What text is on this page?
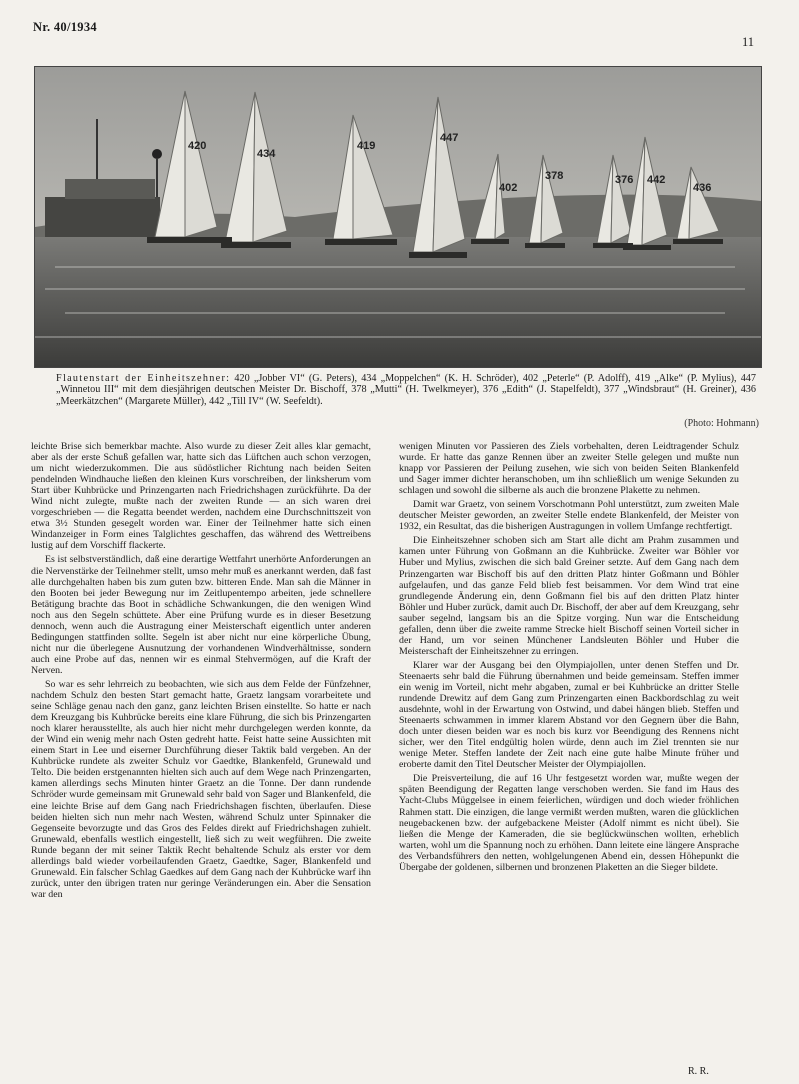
Nr. 40/1934
11
420
434
419
447
402
378	376 442
436
Flautenstart der Einheitszehner: 420 „Jobber VI“ (G. Peters), 434 „Moppelchen“ (K. H. Schröder), 402 „Peterle“ (P. Adolff), 419 „Alke“ (P. Mylius), 447 „Winnetou III“ mit dem diesjährigen deutschen Meister Dr. Bischoff, 378 „Mutti“ (H. Twelkmeyer), 376 „Edith“ (J. Stapelfeldt), 377 „Windsbraut“ (H. Greiner), 436 „Meerkätzchen“ (Margarete Müller), 442 „Till IV“ (W. Seefeldt).
(Photo: Hohmann)

leichte Brise sich bemerkbar machte. Also wurde zu dieser Zeit alles klar gemacht, aber als der erste Schuß gefallen war, hatte sich das Lüftchen auch schon verzogen, um nicht wiederzukommen. Die aus südöstlicher Richtung nach beiden Seiten pendelnden Windhauche ließen den kleinen Kurs vorschreiben, der linksherum vom Start über Kuhbrücke und Prinzengarten nach Friedrichshagen zurückführte. Da der Wind nicht zulegte, mußte nach der zweiten Runde — an sich waren drei vorgeschrieben — die Regatta beendet werden, nachdem eine Durchschnittszeit von etwa 3½ Stunden gesegelt worden war. Einer der Teilnehmer hatte sich einen Windanzeiger in Form eines Talglichtes geschaffen, das während des Wettreibens lustig auf dem Vorschiff flackerte.

Es ist selbstverständlich, daß eine derartige Wettfahrt unerhörte Anforderungen an die Nervenstärke der Teilnehmer stellt, umso mehr muß es anerkannt werden, daß fast alle durchgehalten haben bis zum guten bzw. bitteren Ende. Man sah die Männer in den Booten bei jeder Bewegung nur im Zeitlupentempo arbeiten, jede schnellere Betätigung brachte das Boot in schädliche Schwankungen, die den wenigen Wind noch aus den Segeln schüttete. Aber eine Prüfung wurde es in dieser Besetzung dennoch, wenn auch die Austragung einer Meisterschaft eigentlich unter anderen Bedingungen stattfinden sollte. Segeln ist aber nicht nur eine körperliche Übung, nicht nur die überlegene Ausnutzung der vorhandenen Windverhältnisse, sondern auch eine Probe auf das, nennen wir es einmal Stehvermögen, auf die Kraft der Nerven.

So war es sehr lehrreich zu beobachten, wie sich aus dem Felde der Fünfzehner, nachdem Schulz den besten Start gemacht hatte, Graetz langsam vorarbeitete und seine Schläge genau nach den ganz, ganz leichten Brisen einstellte. So hatte er nach dem Kreuzgang bis Kuhbrücke bereits eine klare Führung, die sich bis Prinzengarten noch klarer herausstellte, als auch hier nicht mehr durchgelegen werden konnte, da der Wind ein wenig mehr nach Osten gedreht hatte. Feist hatte seine Aussichten mit einem Start in Lee und eiserner Durchführung dieser Taktik bald vergeben. An der Kuhbrücke rundete als zweiter Schulz vor Gaedtke, Blankenfeld, Grunewald und Telto. Die beiden erstgenannten hielten sich auch auf dem Wege nach Prinzengarten, kamen allerdings sechs Minuten hinter Graetz an die Tonne. Der dann rundende Schröder wurde gemeinsam mit Grunewald sehr bald von Sager und Blankenfeld, die eine leichte Brise auf dem Gang nach Friedrichshagen fischten, überlaufen. Diese beiden hielten sich nun mehr nach Westen, während Schulz unter Spinnaker die Gegenseite bevorzugte und das Gros des Feldes direkt auf Friedrichshagen zuhielt. Grunewald, ebenfalls westlich eingestellt, ließ sich zu weit wegführen. Die zweite Runde begann der mit seiner Taktik Recht behaltende Schulz als erster vor dem allerdings bald wieder vorbeilaufenden Graetz, Gaedtke, Sager, Blankenfeld und Grunewald. Ein falscher Schlag Gaedkes auf dem Gang nach der Kuhbrücke warf ihn zurück, unter den übrigen traten nur geringe Veränderungen ein. Aber die Sensation war den

wenigen Minuten vor Passieren des Ziels vorbehalten, deren Leidtragender Schulz wurde. Er hatte das ganze Rennen über an zweiter Stelle gelegen und mußte nun knapp vor Passieren der Peilung zusehen, wie sich von beiden Seiten Blankenfeld und Sager immer dichter heranschoben, um ihn schließlich um wenige Sekunden zu schlagen und sowohl die silberne als auch die bronzene Plakette zu nehmen.

Damit war Graetz, von seinem Vorschotmann Pohl unterstützt, zum zweiten Male deutscher Meister geworden, an zweiter Stelle endete Blankenfeld, der Meister von 1932, ein Resultat, das die bisherigen Austragungen in vollem Umfange rechtfertigt.

Die Einheitszehner schoben sich am Start alle dicht am Prahm zusammen und kamen unter Führung von Goßmann an die Kuhbrücke. Zweiter war Böhler vor Huber und Mylius, zwischen die sich bald Greiner setzte. Auf dem Gang nach dem Prinzengarten war Bischoff bis auf den dritten Platz hinter Goßmann und Böhler aufgelaufen, und das ganze Feld blieb fest beisammen. Vor dem Wind trat eine grundlegende Änderung ein, denn Goßmann fiel bis auf den dritten Platz hinter Böhler und Huber zurück, damit auch Dr. Bischoff, der aber auf dem Kreuzgang, sehr sauber segelnd, langsam bis an die Spitze vorging. Nun war die Entscheidung gefallen, denn über die zweite ramme Strecke hielt Bischoff seinen Vorteil sicher in der Hand, um vor seinen Münchener Landsleuten Böhler und Huber die Meisterschaft der Einheitszehner zu erringen.

Klarer war der Ausgang bei den Olympiajollen, unter denen Steffen und Dr. Steenaerts sehr bald die Führung übernahmen und beide gemeinsam. Steffen immer ein wenig im Vorteil, nicht mehr abgaben, zumal er bei Kuhbrücke an dritter Stelle rundende Drewitz auf dem Gang zum Prinzengarten einen Backbordschlag zu weit ausdehnte, wohl in der Erwartung von Ostwind, und dabei hängen blieb. Steffen und Steenaerts schwammen in immer klarem Abstand vor den Gegnern über die Bahn, doch unter diesen beiden war es noch bis kurz vor Beendigung des Rennens nicht sicher, wer den Titel endgültig holen würde, denn auch im Ziel trennten sie nur wenige Meter. Steffen landete der Zeit nach eine gute halbe Minute früher und eroberte damit den Titel Deutscher Meister der Olympiajollen.

Die Preisverteilung, die auf 16 Uhr festgesetzt worden war, mußte wegen der späten Beendigung der Regatten lange verschoben werden. Sie fand im Haus des Yacht-Clubs Müggelsee in einem feierlichen, würdigen und doch wieder fröhlichen Rahmen statt. Die einzigen, die lange vermißt werden mußten, waren die glücklichen neugebackenen bzw. der aufgebackene Meister (Adolf nimmt es nicht übel). Sie ließen die Menge der Kameraden, die sie beglückwünschen wollten, erheblich warten, wohl um die Spannung noch zu erhöhen. Dann leitete eine längere Ansprache des Verbandsführers den netten, wohlgelungenen Abend ein, dessen Höhepunkt die Übergabe der goldenen, silbernen und bronzenen Plaketten an die Sieger bildete.

R. R.
